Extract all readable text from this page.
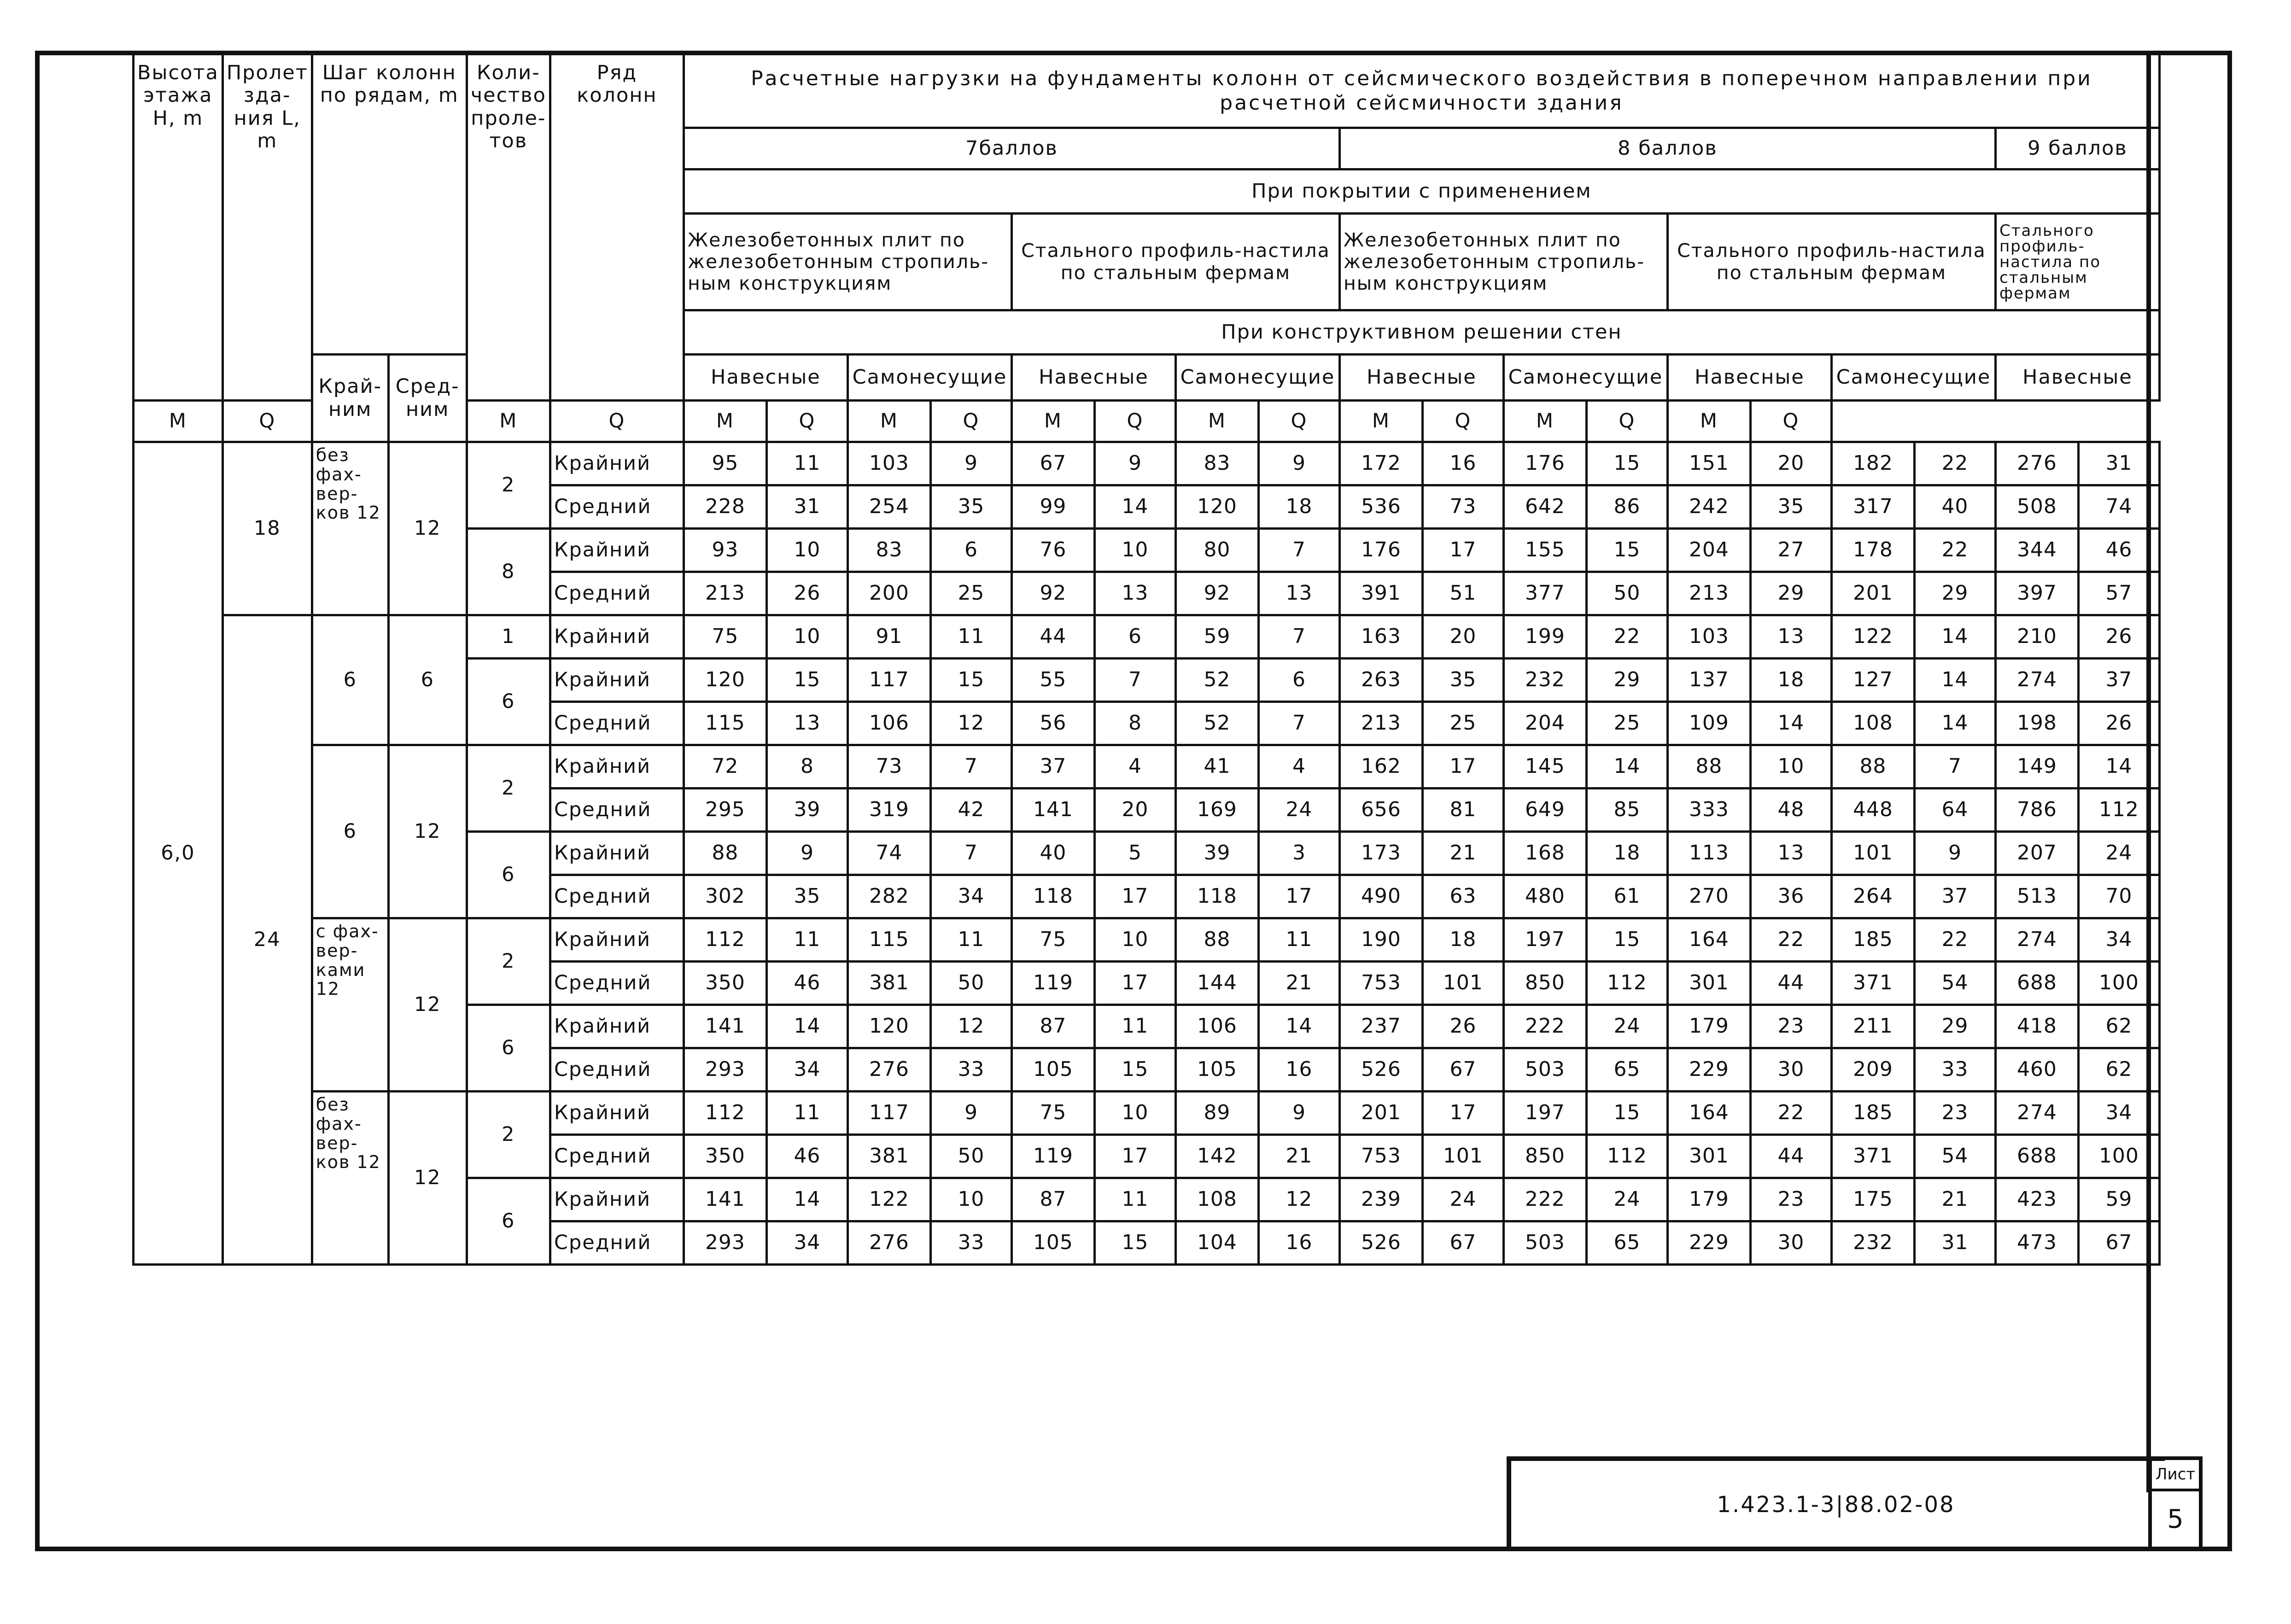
Высота этажа H, m	Пролет зда-ния L, m	Шаг колонн по рядам, m		Коли-чество проле-тов	Ряд колонн	Расчетные нагрузки на фундаменты колонн от сейсмического воздействия в поперечном направлении при расчетной сейсмичности здания																	
						7баллов								8 баллов								9 баллов	
						При покрытии с применением																	
						Железобетонных плит по железобетонным стропиль-ным конструкциям				Стального профиль-настила по стальным фермам				Железобетонных плит по железобетонным стропиль-ным конструкциям				Стального профиль-настила по стальным фермам				Стального профиль-настила по стальным фермам	
						При конструктивном решении стен																	
		Край-ним	Сред-ним			Навесные		Самонесущие		Навесные		Самонесущие		Навесные		Самонесущие		Навесные		Самонесущие		Навесные	
M	Q			M	Q	M	Q	M	Q	M	Q	M	Q	M	Q	M	Q	M	Q				
6,0	18	без фах-вер-ков 12	12	2	Крайний	95	11	103	9	67	9	83	9	172	16	176	15	151	20	182	22	276	31
					Средний	228	31	254	35	99	14	120	18	536	73	642	86	242	35	317	40	508	74
				8	Крайний	93	10	83	6	76	10	80	7	176	17	155	15	204	27	178	22	344	46
					Средний	213	26	200	25	92	13	92	13	391	51	377	50	213	29	201	29	397	57
	24	6	6	1	Крайний	75	10	91	11	44	6	59	7	163	20	199	22	103	13	122	14	210	26
				6	Крайний	120	15	117	15	55	7	52	6	263	35	232	29	137	18	127	14	274	37
					Средний	115	13	106	12	56	8	52	7	213	25	204	25	109	14	108	14	198	26
		6	12	2	Крайний	72	8	73	7	37	4	41	4	162	17	145	14	88	10	88	7	149	14
					Средний	295	39	319	42	141	20	169	24	656	81	649	85	333	48	448	64	786	112
				6	Крайний	88	9	74	7	40	5	39	3	173	21	168	18	113	13	101	9	207	24
					Средний	302	35	282	34	118	17	118	17	490	63	480	61	270	36	264	37	513	70
		с фах-вер-ками 12	12	2	Крайний	112	11	115	11	75	10	88	11	190	18	197	15	164	22	185	22	274	34
					Средний	350	46	381	50	119	17	144	21	753	101	850	112	301	44	371	54	688	100
				6	Крайний	141	14	120	12	87	11	106	14	237	26	222	24	179	23	211	29	418	62
					Средний	293	34	276	33	105	15	105	16	526	67	503	65	229	30	209	33	460	62
		без фах-вер-ков 12	12	2	Крайний	112	11	117	9	75	10	89	9	201	17	197	15	164	22	185	23	274	34
					Средний	350	46	381	50	119	17	142	21	753	101	850	112	301	44	371	54	688	100
				6	Крайний	141	14	122	10	87	11	108	12	239	24	222	24	179	23	175	21	423	59
					Средний	293	34	276	33	105	15	104	16	526	67	503	65	229	30	232	31	473	67
1.423.1-3|88.02-08
Лист
5
